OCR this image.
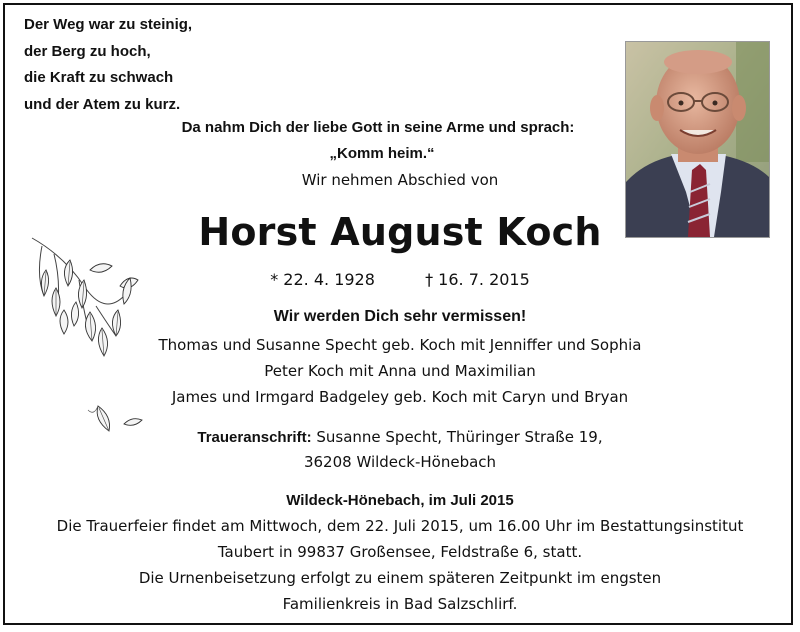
Der Weg war zu steinig,
der Berg zu hoch,
die Kraft zu schwach
und der Atem zu kurz.
Da nahm Dich der liebe Gott in seine Arme und sprach:
„Komm heim.“
Wir nehmen Abschied von
Horst August Koch
* 22. 4. 1928	† 16. 7. 2015
Wir werden Dich sehr vermissen!
Thomas und Susanne Specht geb. Koch mit Jenniffer und Sophia
Peter Koch mit Anna und Maximilian
James und Irmgard Badgeley geb. Koch mit Caryn und Bryan
Traueranschrift: Susanne Specht, Thüringer Straße 19,
36208 Wildeck-Hönebach
Wildeck-Hönebach, im Juli 2015
Die Trauerfeier findet am Mittwoch, dem 22. Juli 2015, um 16.00 Uhr im Bestattungsinstitut
Taubert in 99837 Großensee, Feldstraße 6, statt.
Die Urnenbeisetzung erfolgt zu einem späteren Zeitpunkt im engsten
Familienkreis in Bad Salzschlirf.
